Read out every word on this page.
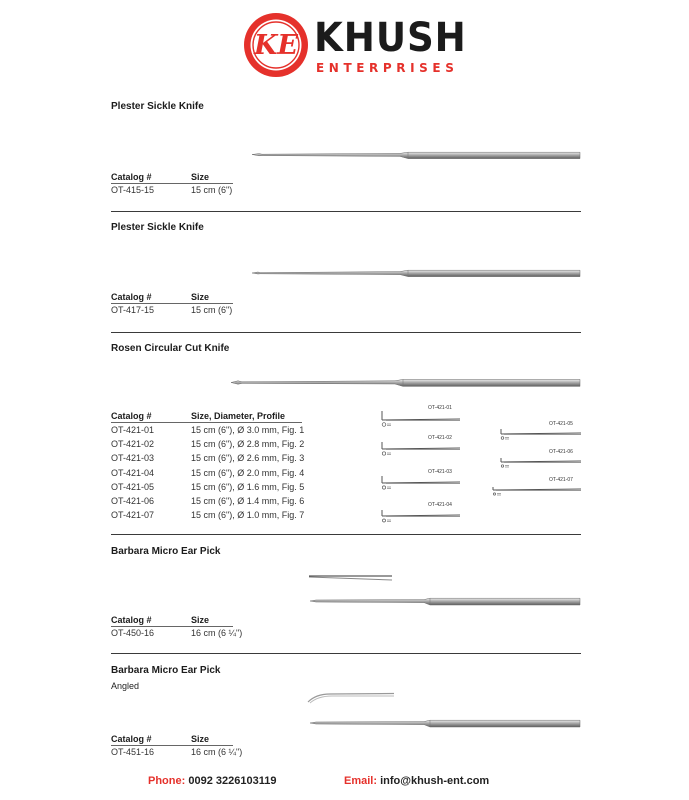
KE KHUSH
ENTERPRISES
Plester Sickle Knife
Catalog #	Size
OT-415-15	15 cm (6")
Plester Sickle Knife
Catalog #	Size
OT-417-15	15 cm (6")
Rosen Circular Cut Knife
Catalog #	Size, Diameter, Profile
OT-421-01	15 cm (6"), Ø 3.0 mm, Fig. 1
OT-421-02	15 cm (6"), Ø 2.8 mm, Fig. 2
OT-421-03	15 cm (6"), Ø 2.6 mm, Fig. 3
OT-421-04	15 cm (6"), Ø 2.0 mm, Fig. 4
OT-421-05	15 cm (6"), Ø 1.6 mm, Fig. 5
OT-421-06	15 cm (6"), Ø 1.4 mm, Fig. 6
OT-421-07	15 cm (6"), Ø 1.0 mm, Fig. 7
OT-421-01
OT-421-02
OT-421-03
OT-421-04
OT-421-05
OT-421-06
OT-421-07
Barbara Micro Ear Pick
Catalog #	Size
OT-450-16	16 cm (6 ¼")
Barbara Micro Ear Pick
Angled
Catalog #	Size
OT-451-16	16 cm (6 ¼")
Phone: 0092 3226103119	Email: info@khush-ent.com
